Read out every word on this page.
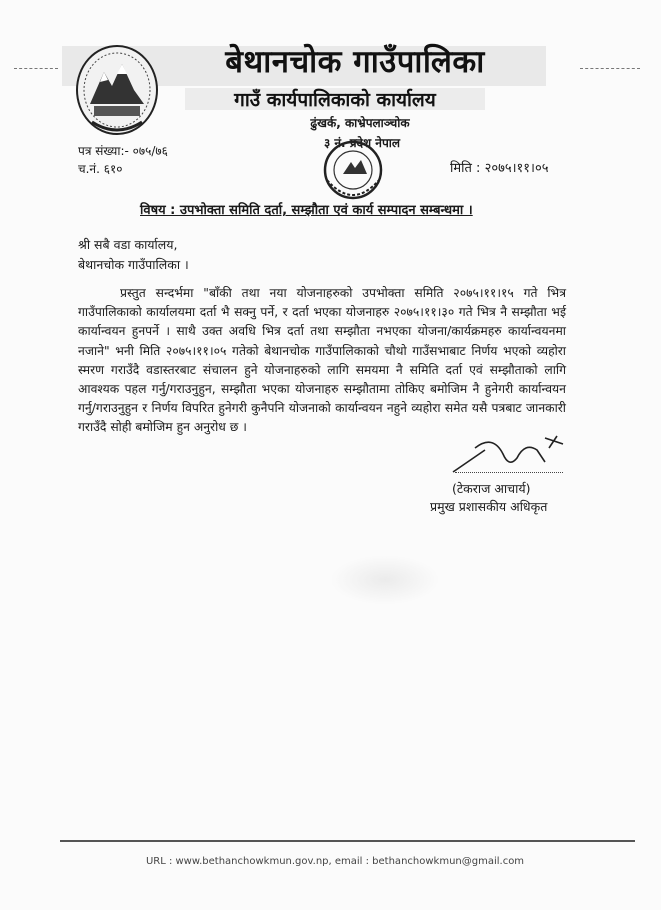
बेथानचोक गाउँपालिका
गाउँ कार्यपालिकाको कार्यालय
ढुंखर्क, काभ्रेपलाञ्चोक
३ नं. प्रदेश नेपाल
पत्र संख्या:- ०७५/७६
च.नं. ६१०	मिति : २०७५।११।०५
विषय : उपभोक्ता समिति दर्ता, सम्झौता एवं कार्य सम्पादन सम्बन्धमा ।
श्री सबै वडा कार्यालय,
बेथानचोक गाउँपालिका ।
प्रस्तुत सन्दर्भमा "बाँकी तथा नया योजनाहरुको उपभोक्ता समिति २०७५।११।१५ गते भित्र गाउँपालिकाको कार्यालयमा दर्ता भै सक्नु पर्ने, र दर्ता भएका योजनाहरु २०७५।११।३० गते भित्र नै सम्झौता भई कार्यान्वयन हुनपर्ने । साथै उक्त अवधि भित्र दर्ता तथा सम्झौता नभएका योजना/कार्यक्रमहरु कार्यान्वयनमा नजाने" भनी मिति २०७५।११।०५ गतेको बेथानचोक गाउँपालिकाको चौथो गाउँसभाबाट निर्णय भएको व्यहोरा स्मरण गराउँदै वडास्तरबाट संचालन हुने योजनाहरुको लागि समयमा नै समिति दर्ता एवं सम्झौताको लागि आवश्यक पहल गर्नु/गराउनुहुन, सम्झौता भएका योजनाहरु सम्झौतामा तोकिए बमोजिम नै हुनेगरी कार्यान्वयन गर्नु/गराउनुहुन र निर्णय विपरित हुनेगरी कुनैपनि योजनाको कार्यान्वयन नहुने व्यहोरा समेत यसै पत्रबाट जानकारी गराउँदै सोही बमोजिम हुन अनुरोध छ ।
(टेकराज आचार्य)
प्रमुख प्रशासकीय अधिकृत
URL : www.bethanchowkmun.gov.np, email : bethanchowkmun@gmail.com
